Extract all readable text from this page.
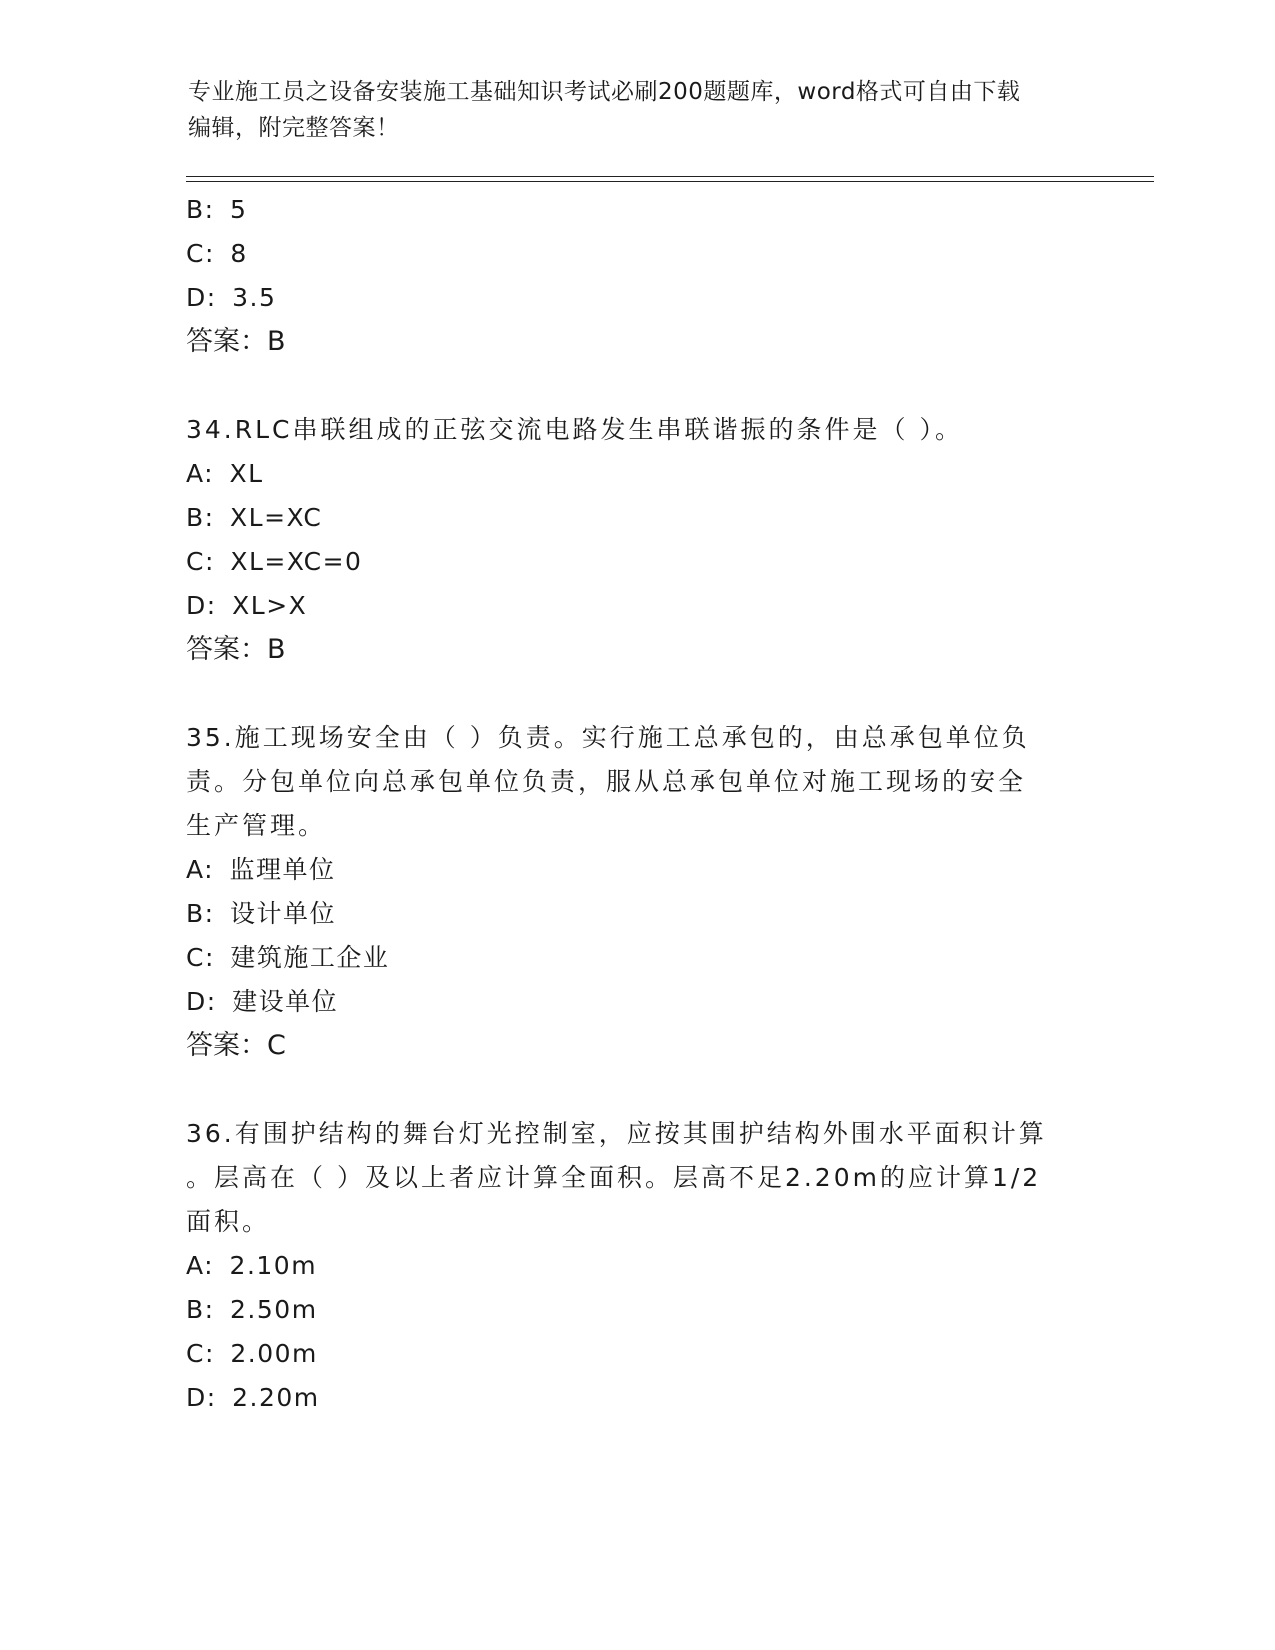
专业施工员之设备安装施工基础知识考试必刷200题题库，word格式可自由下载
编辑，附完整答案！
B: 5
C: 8
D: 3.5
答案：B
34.RLC串联组成的正弦交流电路发生串联谐振的条件是（ ）。
A: XL
B: XL=XC
C: XL=XC=0
D: XL>X
答案：B
35.施工现场安全由（ ）负责。实行施工总承包的，由总承包单位负
责。分包单位向总承包单位负责，服从总承包单位对施工现场的安全
生产管理。
A: 监理单位
B: 设计单位
C: 建筑施工企业
D: 建设单位
答案：C
36.有围护结构的舞台灯光控制室，应按其围护结构外围水平面积计算
。层高在（ ）及以上者应计算全面积。层高不足2.20m的应计算1/2
面积。
A: 2.10m
B: 2.50m
C: 2.00m
D: 2.20m
